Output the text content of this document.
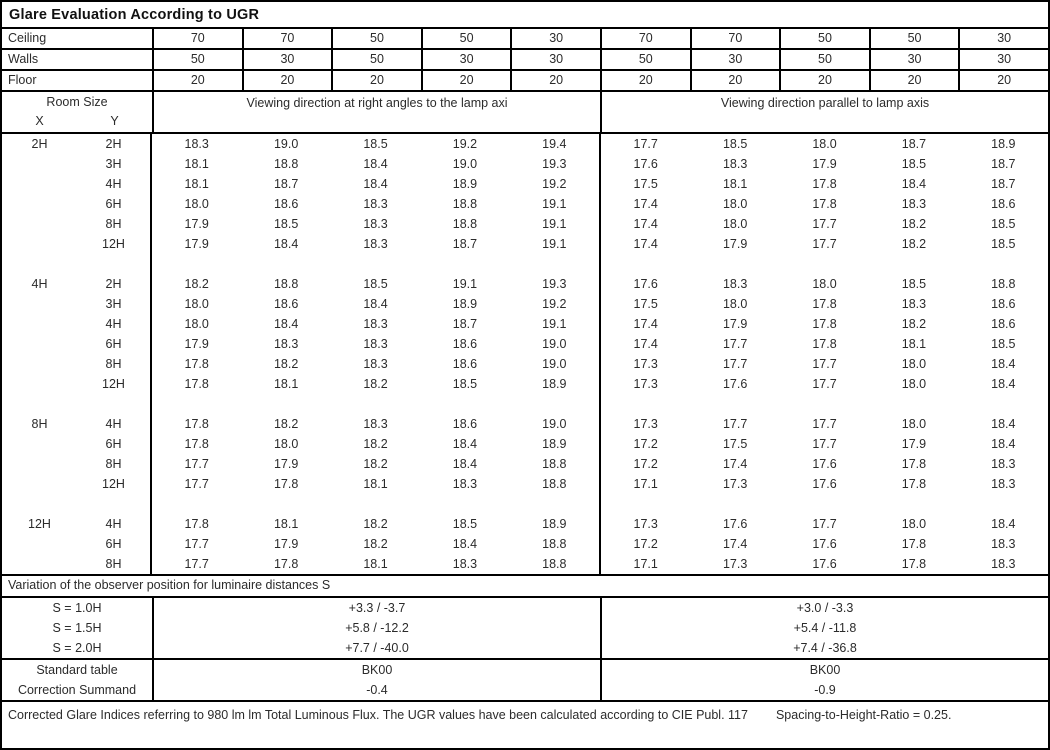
Glare Evaluation According to UGR
Ceiling	70	70	50	50	30	70	70	50	50	30
Walls	50	30	50	30	30	50	30	50	30	30
Floor	20	20	20	20	20	20	20	20	20	20
Room Size
X	Y
Viewing direction at right angles to the lamp axi	Viewing direction parallel to lamp axis
2H	2H	18.3	19.0	18.5	19.2	19.4	17.7	18.5	18.0	18.7	18.9
3H	18.1	18.8	18.4	19.0	19.3	17.6	18.3	17.9	18.5	18.7
4H	18.1	18.7	18.4	18.9	19.2	17.5	18.1	17.8	18.4	18.7
6H	18.0	18.6	18.3	18.8	19.1	17.4	18.0	17.8	18.3	18.6
8H	17.9	18.5	18.3	18.8	19.1	17.4	18.0	17.7	18.2	18.5
12H	17.9	18.4	18.3	18.7	19.1	17.4	17.9	17.7	18.2	18.5
4H	2H	18.2	18.8	18.5	19.1	19.3	17.6	18.3	18.0	18.5	18.8
3H	18.0	18.6	18.4	18.9	19.2	17.5	18.0	17.8	18.3	18.6
4H	18.0	18.4	18.3	18.7	19.1	17.4	17.9	17.8	18.2	18.6
6H	17.9	18.3	18.3	18.6	19.0	17.4	17.7	17.8	18.1	18.5
8H	17.8	18.2	18.3	18.6	19.0	17.3	17.7	17.7	18.0	18.4
12H	17.8	18.1	18.2	18.5	18.9	17.3	17.6	17.7	18.0	18.4
8H	4H	17.8	18.2	18.3	18.6	19.0	17.3	17.7	17.7	18.0	18.4
6H	17.8	18.0	18.2	18.4	18.9	17.2	17.5	17.7	17.9	18.4
8H	17.7	17.9	18.2	18.4	18.8	17.2	17.4	17.6	17.8	18.3
12H	17.7	17.8	18.1	18.3	18.8	17.1	17.3	17.6	17.8	18.3
12H	4H	17.8	18.1	18.2	18.5	18.9	17.3	17.6	17.7	18.0	18.4
6H	17.7	17.9	18.2	18.4	18.8	17.2	17.4	17.6	17.8	18.3
8H	17.7	17.8	18.1	18.3	18.8	17.1	17.3	17.6	17.8	18.3
Variation of the observer position for luminaire distances S
S = 1.0H	+3.3 / -3.7	+3.0 / -3.3
S = 1.5H	+5.8 / -12.2	+5.4 / -11.8
S = 2.0H	+7.7 / -40.0	+7.4 / -36.8
Standard table	BK00	BK00
Correction Summand	-0.4	-0.9
Corrected Glare Indices referring to 980 lm lm Total Luminous Flux. The UGR values have been calculated according to CIE Publ. 117 Spacing-to-Height-Ratio = 0.25.
